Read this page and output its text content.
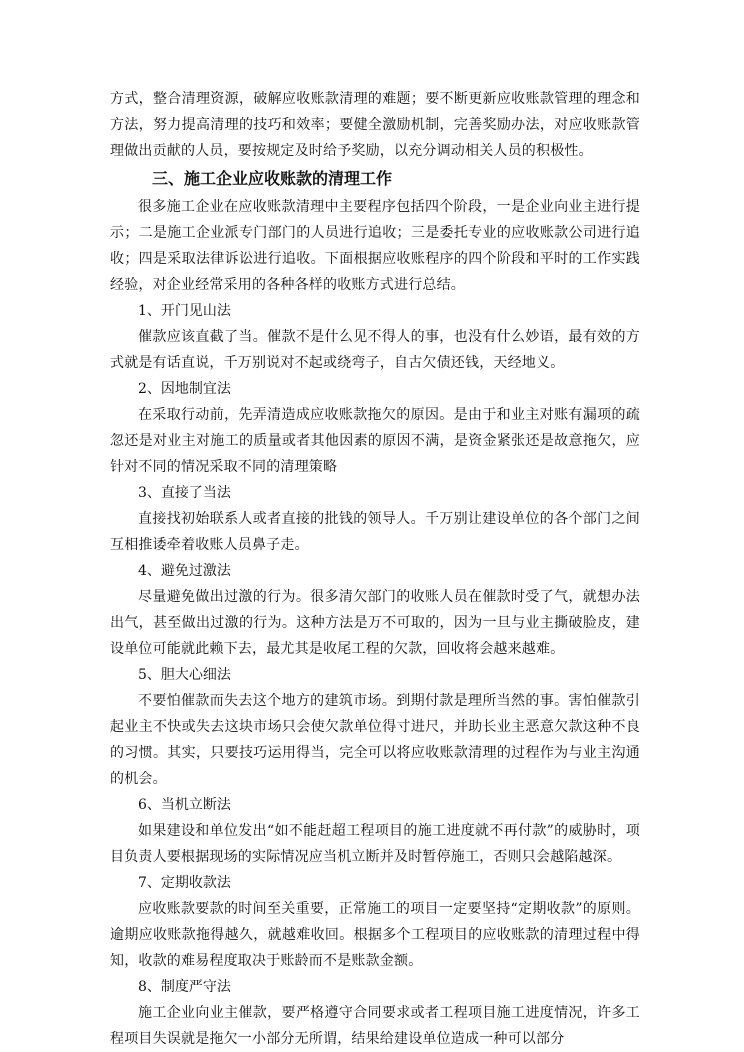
方式，整合清理资源，破解应收账款清理的难题；要不断更新应收账款管理的理念和方法，努力提高清理的技巧和效率；要健全激励机制，完善奖励办法，对应收账款管理做出贡献的人员，要按规定及时给予奖励，以充分调动相关人员的积极性。

三、施工企业应收账款的清理工作

很多施工企业在应收账款清理中主要程序包括四个阶段，一是企业向业主进行提示；二是施工企业派专门部门的人员进行追收；三是委托专业的应收账款公司进行追收；四是采取法律诉讼进行追收。下面根据应收账程序的四个阶段和平时的工作实践经验，对企业经常采用的各种各样的收账方式进行总结。

1、开门见山法

催款应该直截了当。催款不是什么见不得人的事，也没有什么妙语，最有效的方式就是有话直说，千万别说对不起或绕弯子，自古欠债还钱，天经地义。

2、因地制宜法

在采取行动前，先弄清造成应收账款拖欠的原因。是由于和业主对账有漏项的疏忽还是对业主对施工的质量或者其他因素的原因不满，是资金紧张还是故意拖欠，应针对不同的情况采取不同的清理策略

3、直接了当法

直接找初始联系人或者直接的批钱的领导人。千万别让建设单位的各个部门之间互相推诿牵着收账人员鼻子走。

4、避免过激法

尽量避免做出过激的行为。很多清欠部门的收账人员在催款时受了气，就想办法出气，甚至做出过激的行为。这种方法是万不可取的，因为一旦与业主撕破脸皮，建设单位可能就此赖下去，最尤其是收尾工程的欠款，回收将会越来越难。

5、胆大心细法

不要怕催款而失去这个地方的建筑市场。到期付款是理所当然的事。害怕催款引起业主不快或失去这块市场只会使欠款单位得寸进尺，并助长业主恶意欠款这种不良的习惯。其实，只要技巧运用得当，完全可以将应收账款清理的过程作为与业主沟通的机会。

6、当机立断法

如果建设和单位发出“如不能赶超工程项目的施工进度就不再付款”的威胁时，项目负责人要根据现场的实际情况应当机立断并及时暂停施工，否则只会越陷越深。

7、定期收款法

应收账款要款的时间至关重要，正常施工的项目一定要坚持“定期收款”的原则。逾期应收账款拖得越久，就越难收回。根据多个工程项目的应收账款的清理过程中得知，收款的难易程度取决于账龄而不是账款金额。

8、制度严守法

施工企业向业主催款，要严格遵守合同要求或者工程项目施工进度情况，许多工程项目失误就是拖欠一小部分无所谓，结果给建设单位造成一种可以部分
